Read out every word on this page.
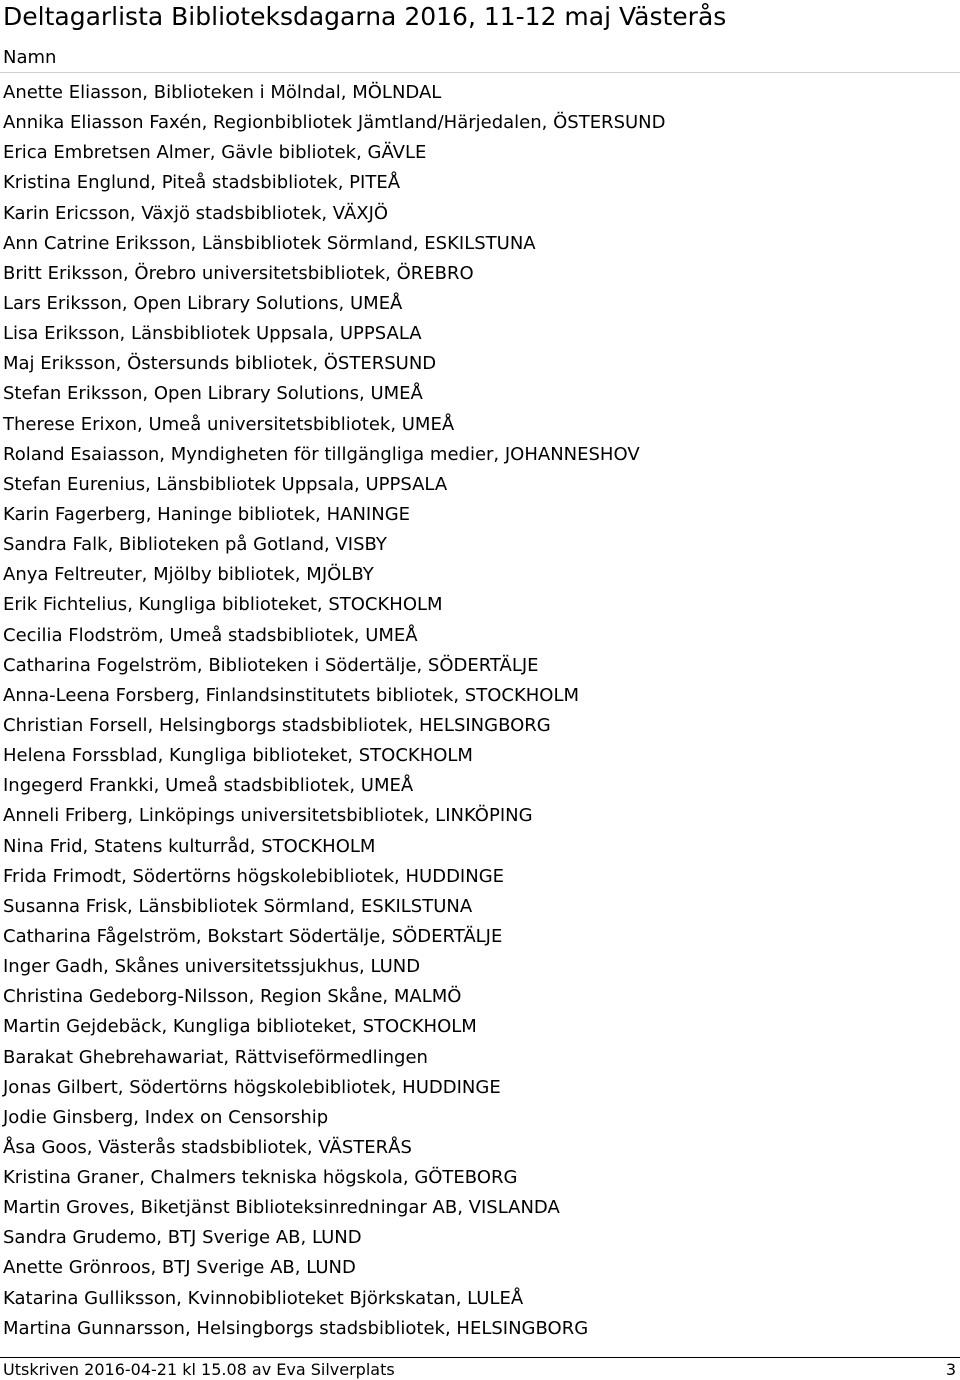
Deltagarlista Biblioteksdagarna 2016, 11-12 maj Västerås
Namn
Anette Eliasson, Biblioteken i Mölndal, MÖLNDAL
Annika Eliasson Faxén, Regionbibliotek Jämtland/Härjedalen, ÖSTERSUND
Erica Embretsen Almer, Gävle bibliotek, GÄVLE
Kristina Englund, Piteå stadsbibliotek, PITEÅ
Karin Ericsson, Växjö stadsbibliotek, VÄXJÖ
Ann Catrine Eriksson, Länsbibliotek Sörmland, ESKILSTUNA
Britt Eriksson, Örebro universitetsbibliotek, ÖREBRO
Lars Eriksson, Open Library Solutions, UMEÅ
Lisa Eriksson, Länsbibliotek Uppsala, UPPSALA
Maj Eriksson, Östersunds bibliotek, ÖSTERSUND
Stefan Eriksson, Open Library Solutions, UMEÅ
Therese Erixon, Umeå universitetsbibliotek, UMEÅ
Roland Esaiasson, Myndigheten för tillgängliga medier, JOHANNESHOV
Stefan Eurenius, Länsbibliotek Uppsala, UPPSALA
Karin Fagerberg, Haninge bibliotek, HANINGE
Sandra Falk, Biblioteken på Gotland, VISBY
Anya Feltreuter, Mjölby bibliotek, MJÖLBY
Erik Fichtelius, Kungliga biblioteket, STOCKHOLM
Cecilia Flodström, Umeå stadsbibliotek, UMEÅ
Catharina Fogelström, Biblioteken i Södertälje, SÖDERTÄLJE
Anna-Leena Forsberg, Finlandsinstitutets bibliotek, STOCKHOLM
Christian Forsell, Helsingborgs stadsbibliotek, HELSINGBORG
Helena Forssblad, Kungliga biblioteket, STOCKHOLM
Ingegerd Frankki, Umeå stadsbibliotek, UMEÅ
Anneli Friberg, Linköpings universitetsbibliotek, LINKÖPING
Nina Frid, Statens kulturråd, STOCKHOLM
Frida Frimodt, Södertörns högskolebibliotek, HUDDINGE
Susanna Frisk, Länsbibliotek Sörmland, ESKILSTUNA
Catharina Fågelström, Bokstart Södertälje, SÖDERTÄLJE
Inger Gadh, Skånes universitetssjukhus, LUND
Christina Gedeborg-Nilsson, Region Skåne, MALMÖ
Martin Gejdebäck, Kungliga biblioteket, STOCKHOLM
Barakat Ghebrehawariat, Rättviseförmedlingen
Jonas Gilbert, Södertörns högskolebibliotek, HUDDINGE
Jodie Ginsberg, Index on Censorship
Åsa Goos, Västerås stadsbibliotek, VÄSTERÅS
Kristina Graner, Chalmers tekniska högskola, GÖTEBORG
Martin Groves, Biketjänst Biblioteksinredningar AB, VISLANDA
Sandra Grudemo, BTJ Sverige AB, LUND
Anette Grönroos, BTJ Sverige AB, LUND
Katarina Gulliksson, Kvinnobiblioteket Björkskatan, LULEÅ
Martina Gunnarsson, Helsingborgs stadsbibliotek, HELSINGBORG
Utskriven 2016-04-21 kl 15.08 av Eva Silverplats	3
